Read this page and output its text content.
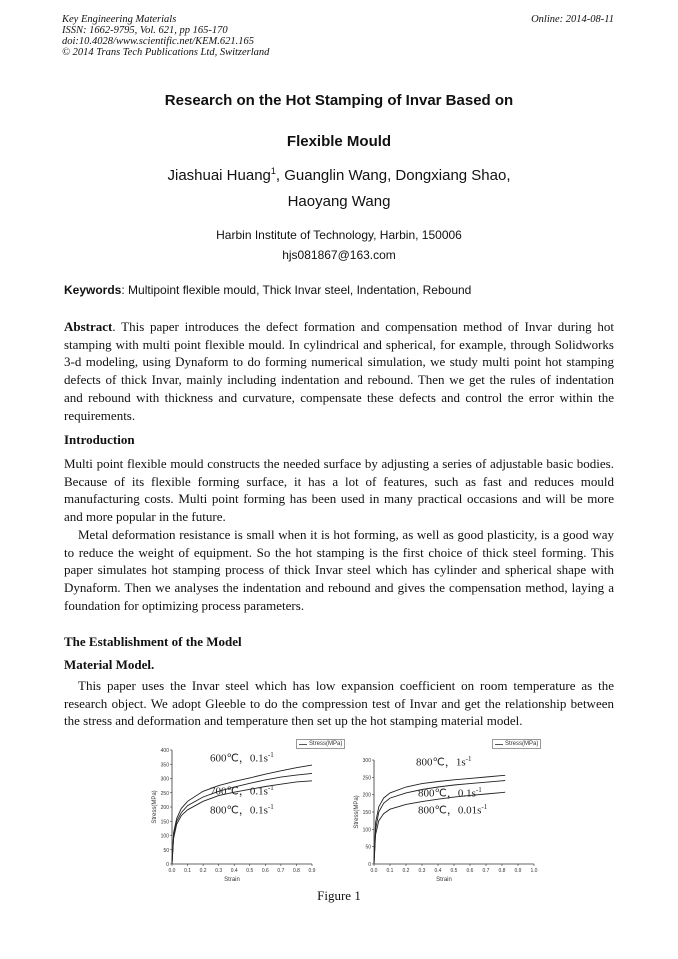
Key Engineering Materials
ISSN: 1662-9795, Vol. 621, pp 165-170
doi:10.4028/www.scientific.net/KEM.621.165
© 2014 Trans Tech Publications Ltd, Switzerland
Online: 2014-08-11
Research on the Hot Stamping of Invar Based on
Flexible Mould
Jiashuai Huang$^1$, Guanglin Wang, Dongxiang Shao,
Haoyang Wang
Harbin Institute of Technology, Harbin, 150006
hjs081867@163.com
Keywords: Multipoint flexible mould, Thick Invar steel, Indentation, Rebound

Abstract. This paper introduces the defect formation and compensation method of Invar during hot stamping with multi point flexible mould. In cylindrical and spherical, for example, through Solidworks 3-d modeling, using Dynaform to do forming numerical simulation, we study multi point hot stamping defects of thick Invar, mainly including indentation and rebound. Then we get the rules of indentation and rebound with thickness and curvature, compensate these defects and control the error within the requirements.

Introduction

Multi point flexible mould constructs the needed surface by adjusting a series of adjustable basic bodies. Because of its flexible forming surface, it has a lot of features, such as fast and reduces mould manufacturing costs. Multi point forming has been used in many practical occasions and will be more and more popular in the future.

Metal deformation resistance is small when it is hot forming, as well as good plasticity, is a good way to reduce the weight of equipment. So the hot stamping is the first choice of thick steel forming. This paper simulates hot stamping process of thick Invar steel which has cylinder and spherical shape with Dynaform. Then we analyses the indentation and rebound and gives the compensation method, laying a foundation for optimizing process parameters.

The Establishment of the Model
Material Model.

This paper uses the Invar steel which has low expansion coefficient on room temperature as the research object. We adopt Gleeble to do the compression test of Invar and get the relationship between the stress and deformation and temperature then set up the hot stamping material model.

0.0 0.1 0.2 0.3 0.4 0.5 0.6 0.7 0.8 0.9
0
50
100
150
200
250
300
350
400
Strain
Stress(MPa)
Stress(MPa)
600℃，$0.1s^{-1}$
700℃，$0.1s^{-1}$
800℃，$0.1s^{-1}$
0.0 0.1 0.2 0.3 0.4 0.5 0.6 0.7 0.8 0.9 1.0
0
50
100
150
200
250
300
Strain
Stress(MPa)
Stress(MPa)
800℃，$1s^{-1}$
800℃，$0.1s^{-1}$
800℃，$0.01s^{-1}$
Figure 1
